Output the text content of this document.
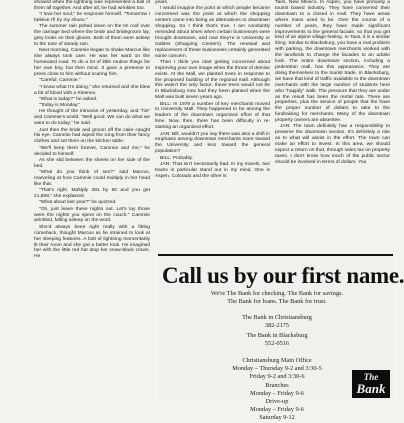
showed when the lightning was represented a ball of them all together. And after all, he had wrinkles too.

"I love her soul," he response himself. "Tomorrow I believe I'll try my shoes."

The summer rain pelted down on the tin roof over the carriage bed where the bride and bridegroom lay, grey looks on their gloves. Both of them were asleep to the tone of steady rain.

Next morning, Cammie began to shake Marcus like she always took care. He was her ward on the homeward road. To do a lot of little routine things for her own boy, but then mind. It gave a pretense to press close to him without scaring him.

"Careful, Cammie."

"I know what I'm doing," she returned and she blew a bit of blood with a Kleenex.

"What is today?" he asked.

"Today is Monday."

He thought of the intrusion of yesterday, and "his" and Cammie's world. "Well good. We can do what we want to do today," he said.

Just then the bride and groom off the cake caught his eye. Cammie had wiped the icing from their fancy clothes and set them on the kitchen table.

"We'll keep them forever, Cammie and me," he decided to himself.

As she slid between the sheets on her side of the bed.

"What do you think of sex?" said Marcus, marveling at how Cammie could multiply in her head like that.

"That's right. Multiply 381 by 50 and you get 21,808," she explained.

"What about last year?" he quizzed.

"Oh, just leave these nights out. Let's lay those were the nights you spent on the couch." Cammie wrinkled, falling asleep on the word.

She'd always been right really with a fitting comeback, thought Marcus as he strained to look at her sleeping features. A bolt of lightning momentarily lit their room and she got a better look. He imagined her with the little red hat atop her snow-black crown. He

years.

I would imagine the point at which people became concerned was the point at which the shopping centers came into being as alternatives to downtown shopping. So I think that's true. I am constantly reminded about times when certain businesses were brought downtown, and now they're in University or Gables (Shopping Centers). The renewal and replacement of these businesses certainly generated some concern.

Then I think you start getting concerned about improving your own image when the threat of demise exists. At the Mall, we planted trees in response to the proposed building of the regional mall. Although this wasn't the only factor, these trees would not be in Blacksburg now had they been planted when the Mall was built seven years ago.

BILL: In 1979 a number of key merchants moved to University Mall. They happened to be among the leaders of the downtown organized effort of that time. Now, then, there has been difficulty in re-starting an organized effort.

JAN: Bill, wouldn't you say there was also a shift in emphasis among downtown merchants more toward the University and less toward the general population?

BILL: Probably.

JAN: That isn't necessarily bad. In my travels, two towns in particular stand out in my mind. One is Aspen, Colorado and the other is

Taos, New Mexico. In Aspen, you have primarily a tourist based industry. They have converted their downtown to a closed in mall. They have areas where mass used to be. Over the course of a number of years, they have made significant improvements to the general facade, so that you get kind of an alpine village feeling. In Taos, it is a similar thing. Similar to Blacksburg, you have a real problem with parking, the downtown merchants worked with the landlords to change the facades to an adobe look. The entire downtown section, including a pedestrian mall, has this appearance. They are doing themselves to the tourist trade. In Blacksburg, we have that kind of traffic available to the downtown merchants with the large number of students here who "happily" walk. The pressure that they are under as the result has been the rental rate. There are properties, plus the service of people that the have the proper number of dollars to take to the fundraising for merchants. Many of the downtown property owners are absentee.

JAN: The town definitely has a responsibility to preserve the downtown section. It's definitely a role as to what will assist in the effort. The town can make an effort to invest. In this area, we should expect a return on that, through sales tax on property taxes. I don't know how much of the public sector should be involved in terms of dollars. You

Call us by our first name.
We're The Bank for checking. The Bank for savings.
The Bank for loans. The Bank for trust.
The Bank in Christiansburg
382-2175
The Bank in Blacksburg
552-0516
Christiansburg Main Office
Monday – Thursday 9-2 and 3:30-5
Friday 9-2 and 3:30-6
Branches
Monday – Friday 9-6
Drive-up
Monday – Friday 9-6
Saturday 9-12
The
Bank
